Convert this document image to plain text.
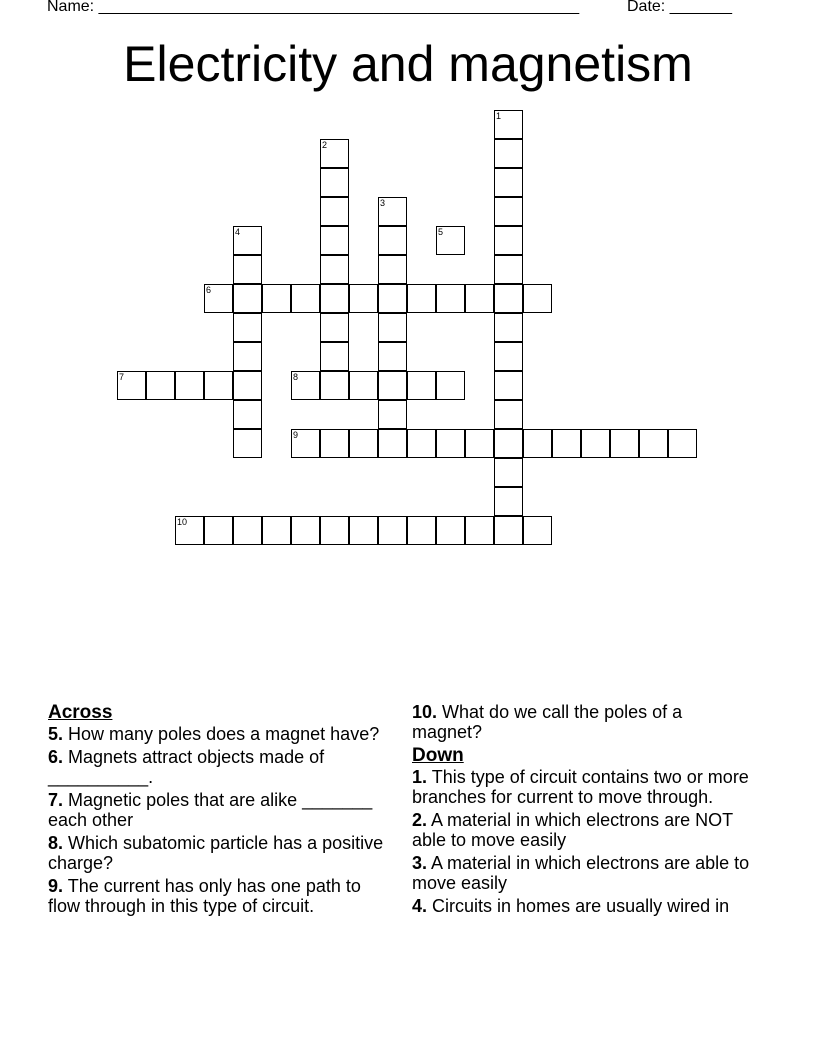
Name: ______________________________________________________	Date: _______
Electricity and magnetism
1
2
3
4	5
6
7	8
9
10
Across
5. How many poles does a magnet have?
6. Magnets attract objects made of __________.
7. Magnetic poles that are alike _______ each other
8. Which subatomic particle has a positive charge?
9. The current has only has one path to flow through in this type of circuit.
10. What do we call the poles of a magnet?
Down
1. This type of circuit contains two or more branches for current to move through.
2. A material in which electrons are NOT able to move easily
3. A material in which electrons are able to move easily
4. Circuits in homes are usually wired in
